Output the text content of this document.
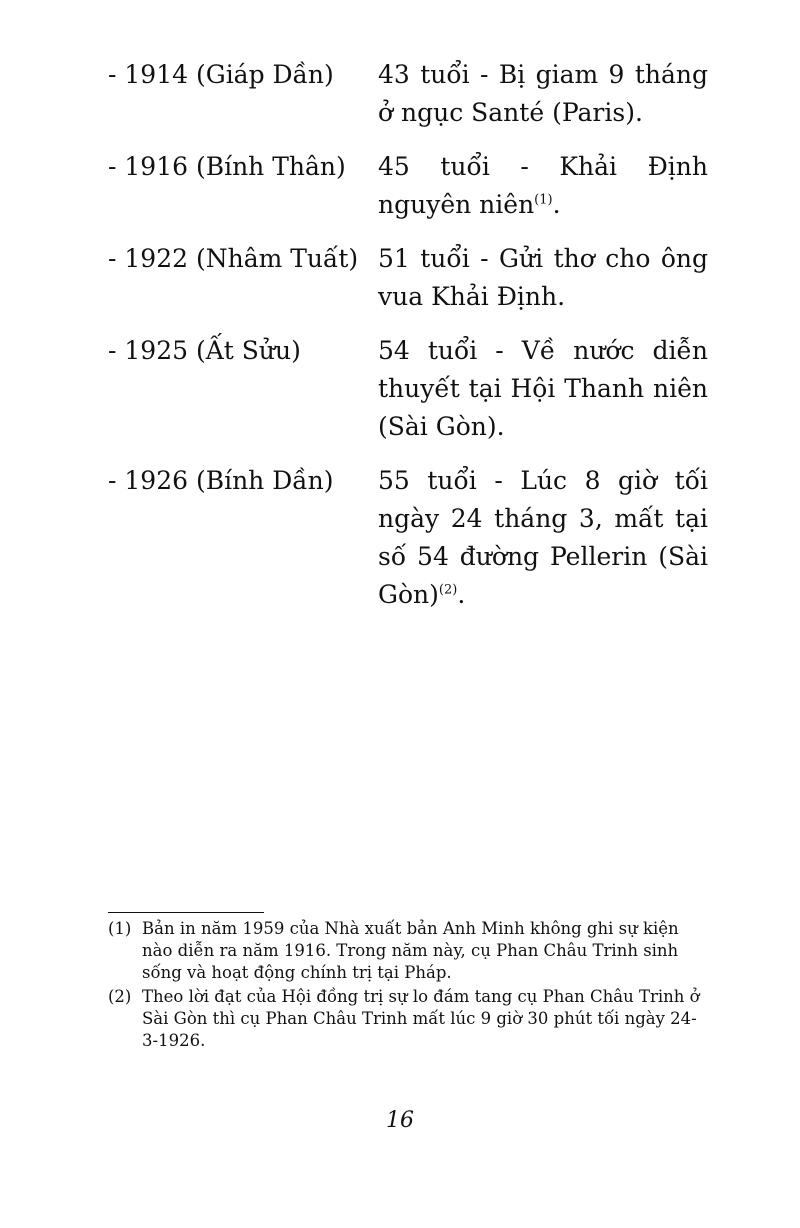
- 1914 (Giáp Dần)	43 tuổi - Bị giam 9 tháng ở ngục Santé (Paris).
- 1916 (Bính Thân)	45 tuổi - Khải Định nguyên niên$^{(1)}$.
- 1922 (Nhâm Tuất) 51 tuổi - Gửi thơ cho ông vua Khải Định.
- 1925 (Ất Sửu)	54 tuổi - Về nước diễn thuyết tại Hội Thanh niên (Sài Gòn).
- 1926 (Bính Dần)	55 tuổi - Lúc 8 giờ tối ngày 24 tháng 3, mất tại số 54 đường Pellerin (Sài Gòn)$^{(2)}$.
(1) Bản in năm 1959 của Nhà xuất bản Anh Minh không ghi sự kiện nào diễn ra năm 1916. Trong năm này, cụ Phan Châu Trinh sinh sống và hoạt động chính trị tại Pháp.
(2) Theo lời đạt của Hội đồng trị sự lo đám tang cụ Phan Châu Trinh ở Sài Gòn thì cụ Phan Châu Trinh mất lúc 9 giờ 30 phút tối ngày 24-3-1926.
16
